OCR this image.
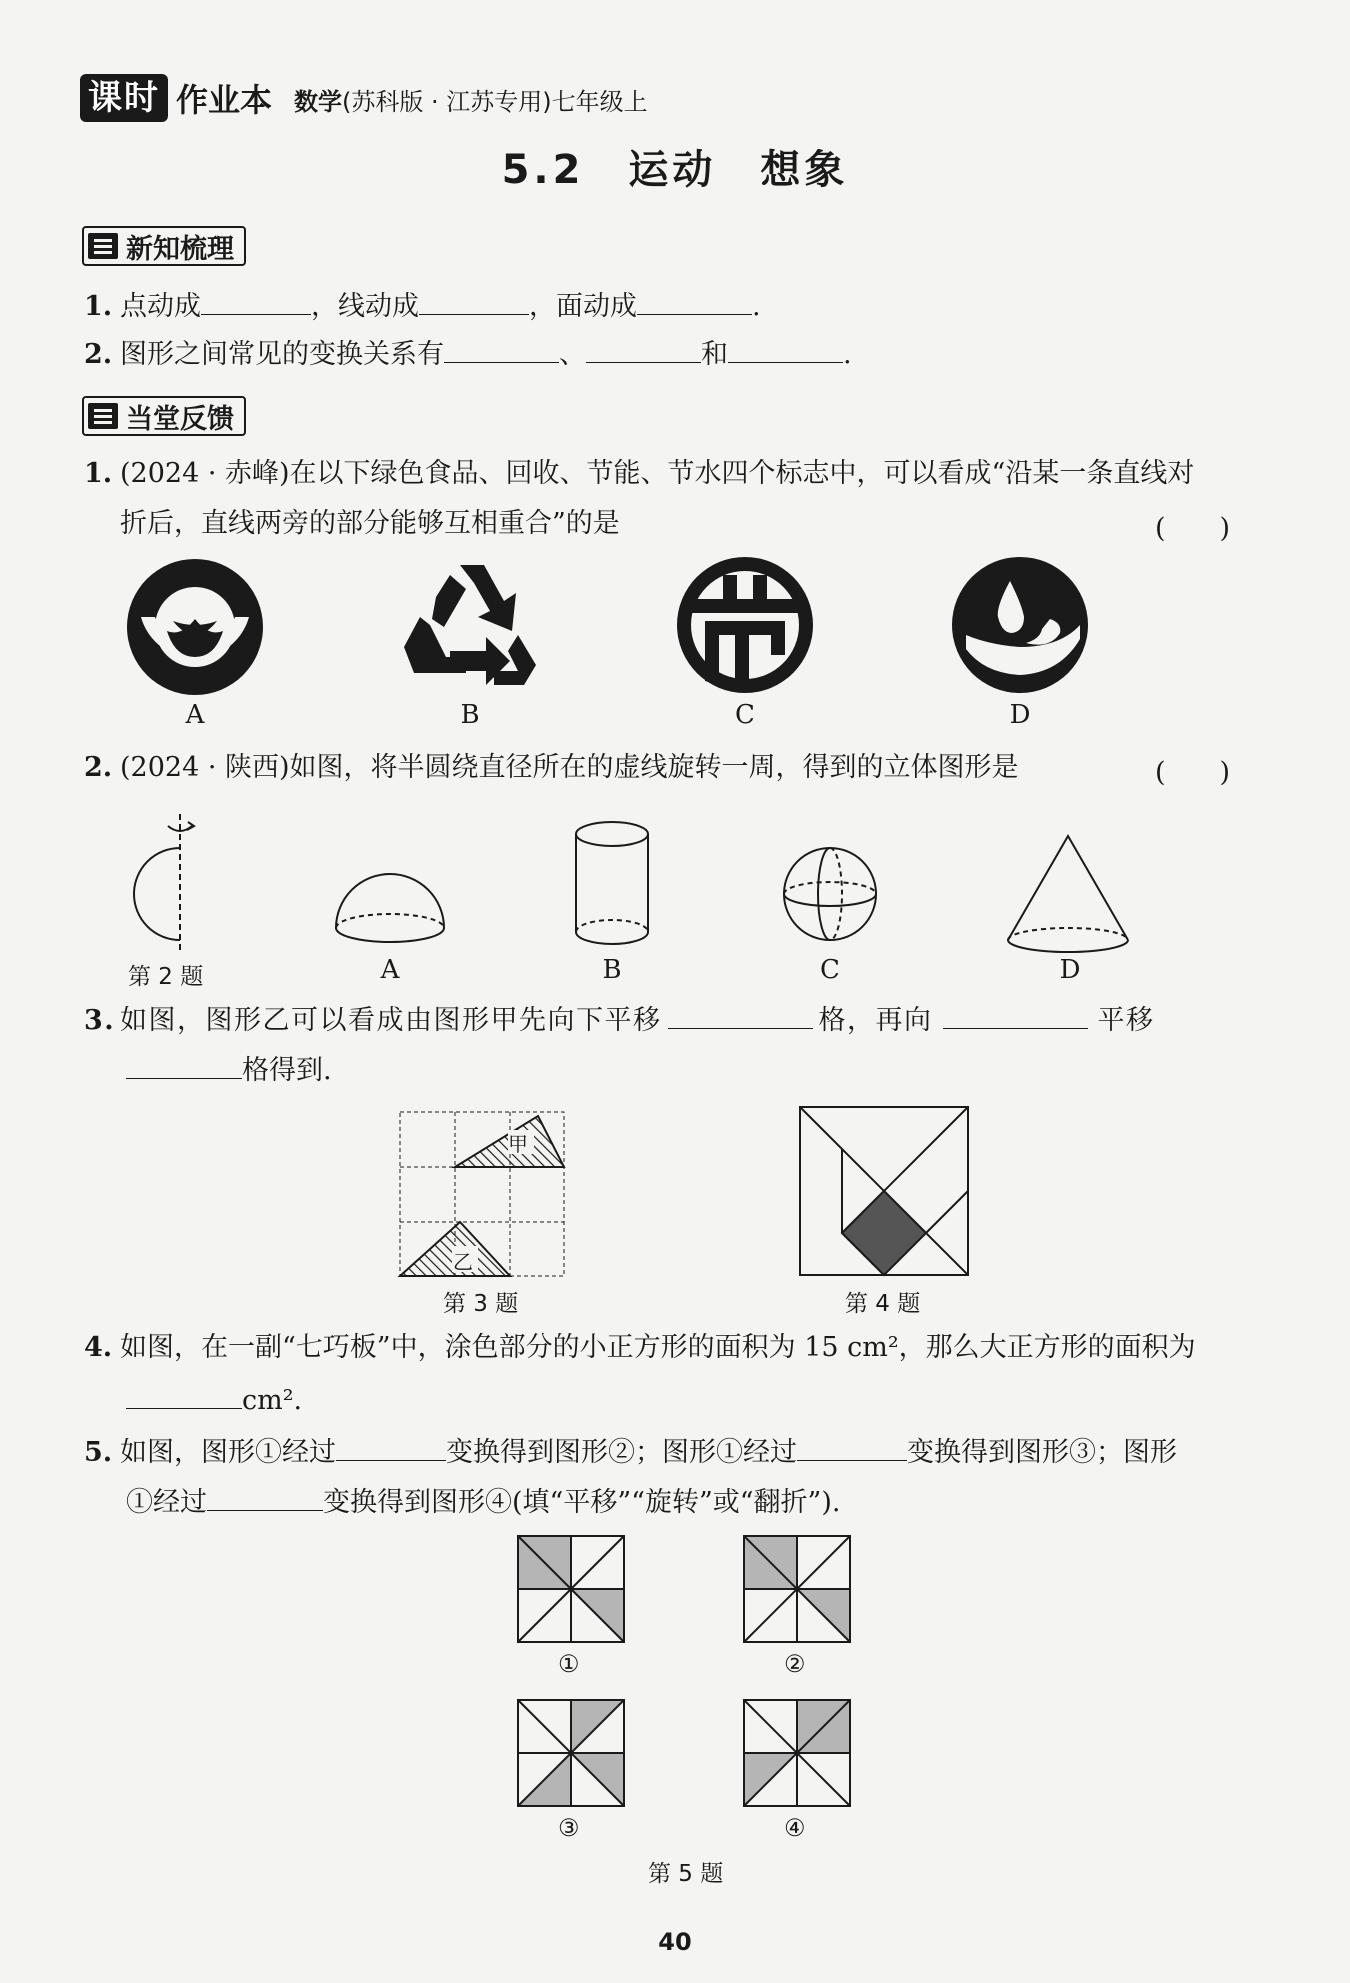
课时 作业本 数学(苏科版 · 江苏专用)七年级上
5.2　运动　想象
新知梳理
1. 点动成	，线动成	，面动成	.
2. 图形之间常见的变换关系有	、	和	.
当堂反馈
1. (2024 · 赤峰)在以下绿色食品、回收、节能、节水四个标志中，可以看成“沿某一条直线对
折后，直线两旁的部分能够互相重合”的是	(　　)
A	B	C	D
2. (2024 · 陕西)如图，将半圆绕直径所在的虚线旋转一周，得到的立体图形是	(　　)
第 2 题	A	B	C	D
3. 如图，图形乙可以看成由图形甲先向下平移	格，再向	平移
格得到.
甲
乙
第 3 题	第 4 题
4. 如图，在一副“七巧板”中，涂色部分的小正方形的面积为 15 cm²，那么大正方形的面积为
cm².
5. 如图，图形①经过	变换得到图形②；图形①经过	变换得到图形③；图形
①经过	变换得到图形④(填“平移”“旋转”或“翻折”).
①	②
③	④
第 5 题
40
